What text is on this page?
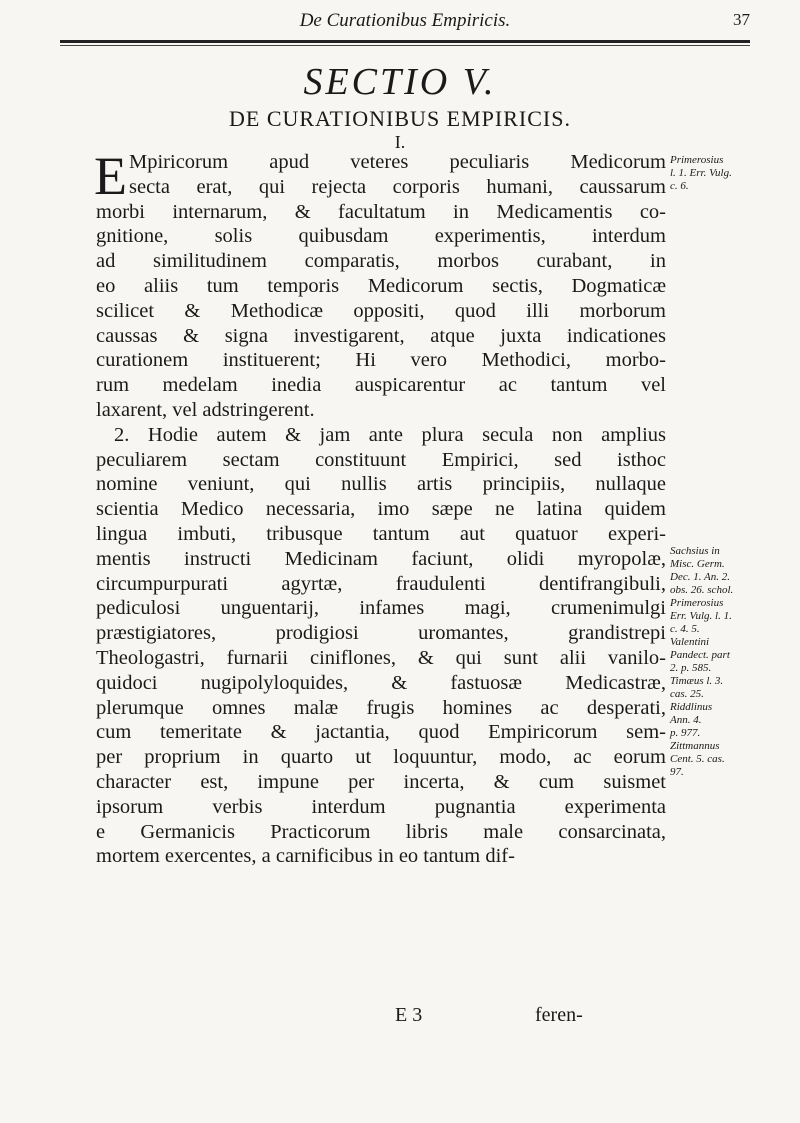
De Curationibus Empiricis.	37
SECTIO V.
DE CURATIONIBUS EMPIRICIS.
I.
E Mpiricorum apud veteres peculiaris Medicorum
secta erat, qui rejecta corporis humani, caussarum
morbi internarum, & facultatum in Medicamentis co-
gnitione, solis quibusdam experimentis, interdum
ad similitudinem comparatis, morbos curabant, in
eo aliis tum temporis Medicorum sectis, Dogmaticæ
scilicet & Methodicæ oppositi, quod illi morborum
caussas & signa investigarent, atque juxta indicationes
curationem instituerent; Hi vero Methodici, morbo-
rum medelam inedia auspicarentur ac tantum vel
laxarent, vel adstringerent.
2. Hodie autem & jam ante plura secula non amplius
peculiarem sectam constituunt Empirici, sed isthoc
nomine veniunt, qui nullis artis principiis, nullaque
scientia Medico necessaria, imo sæpe ne latina quidem
lingua imbuti, tribusque tantum aut quatuor experi-
mentis instructi Medicinam faciunt, olidi myropolæ,
circumpurpurati agyrtæ, fraudulenti dentifrangibuli,
pediculosi unguentarij, infames magi, crumenimulgi
præstigiatores, prodigiosi uromantes, grandistrepi
Theologastri, furnarii ciniflones, & qui sunt alii vanilo-
quidoci nugipolyloquides, & fastuosæ Medicastræ,
plerumque omnes malæ frugis homines ac desperati,
cum temeritate & jactantia, quod Empiricorum sem-
per proprium in quarto ut loquuntur, modo, ac eorum
character est, impune per incerta, & cum suismet
ipsorum verbis interdum pugnantia experimenta
e Germanicis Practicorum libris male consarcinata,
mortem exercentes, a carnificibus in eo tantum dif-
Primerosius
l. 1. Err. Vulg.
c. 6.
Sachsius in
Misc. Germ.
Dec. 1. An. 2.
obs. 26. schol.
Primerosius
Err. Vulg. l. 1.
c. 4. 5.
Valentini
Pandect. part
2. p. 585.
Timæus l. 3.
cas. 25.
Riddlinus
Ann. 4.
p. 977.
Zittmannus
Cent. 5. cas.
97.
E 3	feren-
